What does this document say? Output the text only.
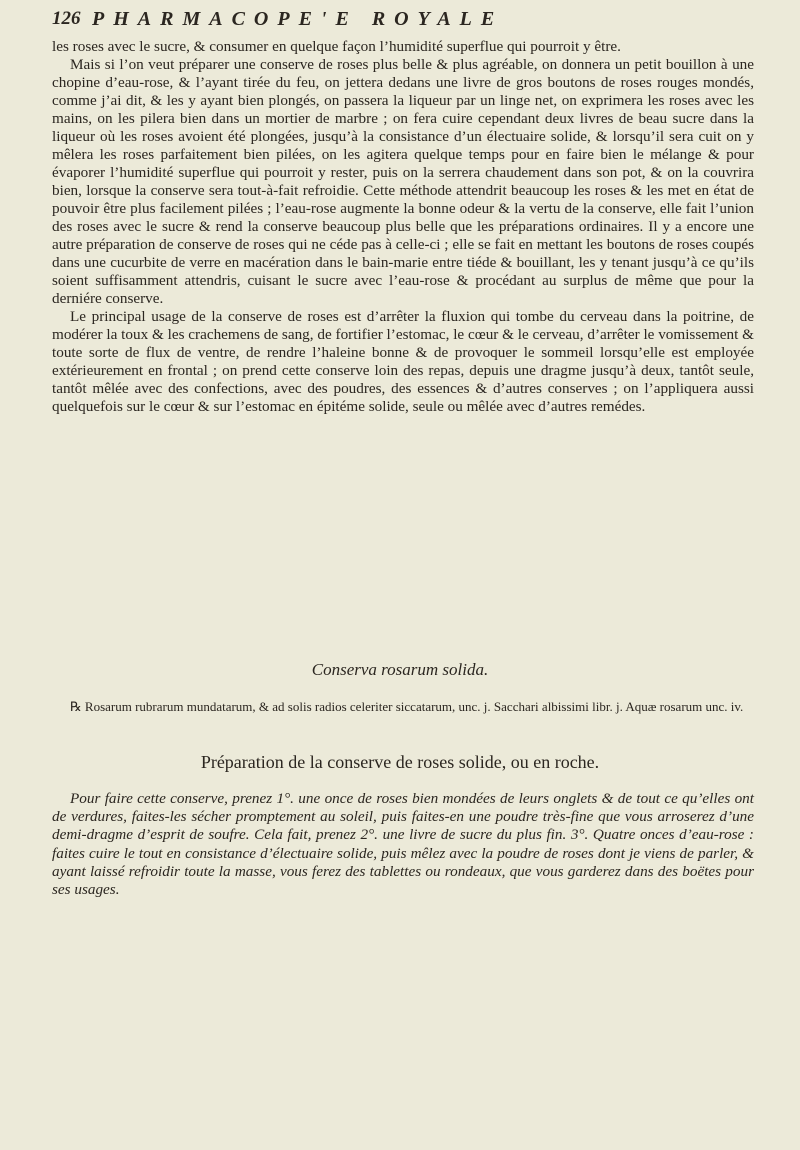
126 PHARMACOPE'E ROYALE

les roses avec le sucre, & consumer en quelque façon l’humidité superflue qui pourroit y être.

Mais si l’on veut préparer une conserve de roses plus belle & plus agréable, on donnera un petit bouillon à une chopine d’eau-rose, & l’ayant tirée du feu, on jettera dedans une livre de gros boutons de roses rouges mondés, comme j’ai dit, & les y ayant bien plongés, on passera la liqueur par un linge net, on exprimera les roses avec les mains, on les pilera bien dans un mortier de marbre ; on fera cuire cependant deux livres de beau sucre dans la liqueur où les roses avoient été plongées, jusqu’à la consistance d’un électuaire solide, & lorsqu’il sera cuit on y mêlera les roses parfaitement bien pilées, on les agitera quelque temps pour en faire bien le mélange & pour évaporer l’humidité superflue qui pourroit y rester, puis on la serrera chaudement dans son pot, & on la couvrira bien, lorsque la conserve sera tout-à-fait refroidie. Cette méthode attendrit beaucoup les roses & les met en état de pouvoir être plus facilement pilées ; l’eau-rose augmente la bonne odeur & la vertu de la conserve, elle fait l’union des roses avec le sucre & rend la conserve beaucoup plus belle que les préparations ordinaires. Il y a encore une autre préparation de conserve de roses qui ne céde pas à celle-ci ; elle se fait en mettant les boutons de roses coupés dans une cucurbite de verre en macération dans le bain-marie entre tiéde & bouillant, les y tenant jusqu’à ce qu’ils soient suffisamment attendris, cuisant le sucre avec l’eau-rose & procédant au surplus de même que pour la derniére conserve.

Le principal usage de la conserve de roses est d’arrêter la fluxion qui tombe du cerveau dans la poitrine, de modérer la toux & les crachemens de sang, de fortifier l’estomac, le cœur & le cerveau, d’arrêter le vomissement & toute sorte de flux de ventre, de rendre l’haleine bonne & de provoquer le sommeil lorsqu’elle est employée extérieurement en frontal ; on prend cette conserve loin des repas, depuis une dragme jusqu’à deux, tantôt seule, tantôt mêlée avec des confections, avec des poudres, des essences & d’autres conserves ; on l’appliquera aussi quelquefois sur le cœur & sur l’estomac en épitéme solide, seule ou mêlée avec d’autres remédes.

Conserva rosarum solida.
℞ Rosarum rubrarum mundatarum, & ad solis radios celeriter siccatarum, unc. j. Sacchari albissimi libr. j. Aquæ rosarum unc. iv.
Préparation de la conserve de roses solide, ou en roche.
Pour faire cette conserve, prenez 1°. une once de roses bien mondées de leurs onglets & de tout ce qu’elles ont de verdures, faites-les sécher promptement au soleil, puis faites-en une poudre très-fine que vous arroserez d’une demi-dragme d’esprit de soufre. Cela fait, prenez 2°. une livre de sucre du plus fin. 3°. Quatre onces d’eau-rose : faites cuire le tout en consistance d’électuaire solide, puis mêlez avec la poudre de roses dont je viens de parler, & ayant laissé refroidir toute la masse, vous ferez des tablettes ou rondeaux, que vous garderez dans des boëtes pour ses usages.
